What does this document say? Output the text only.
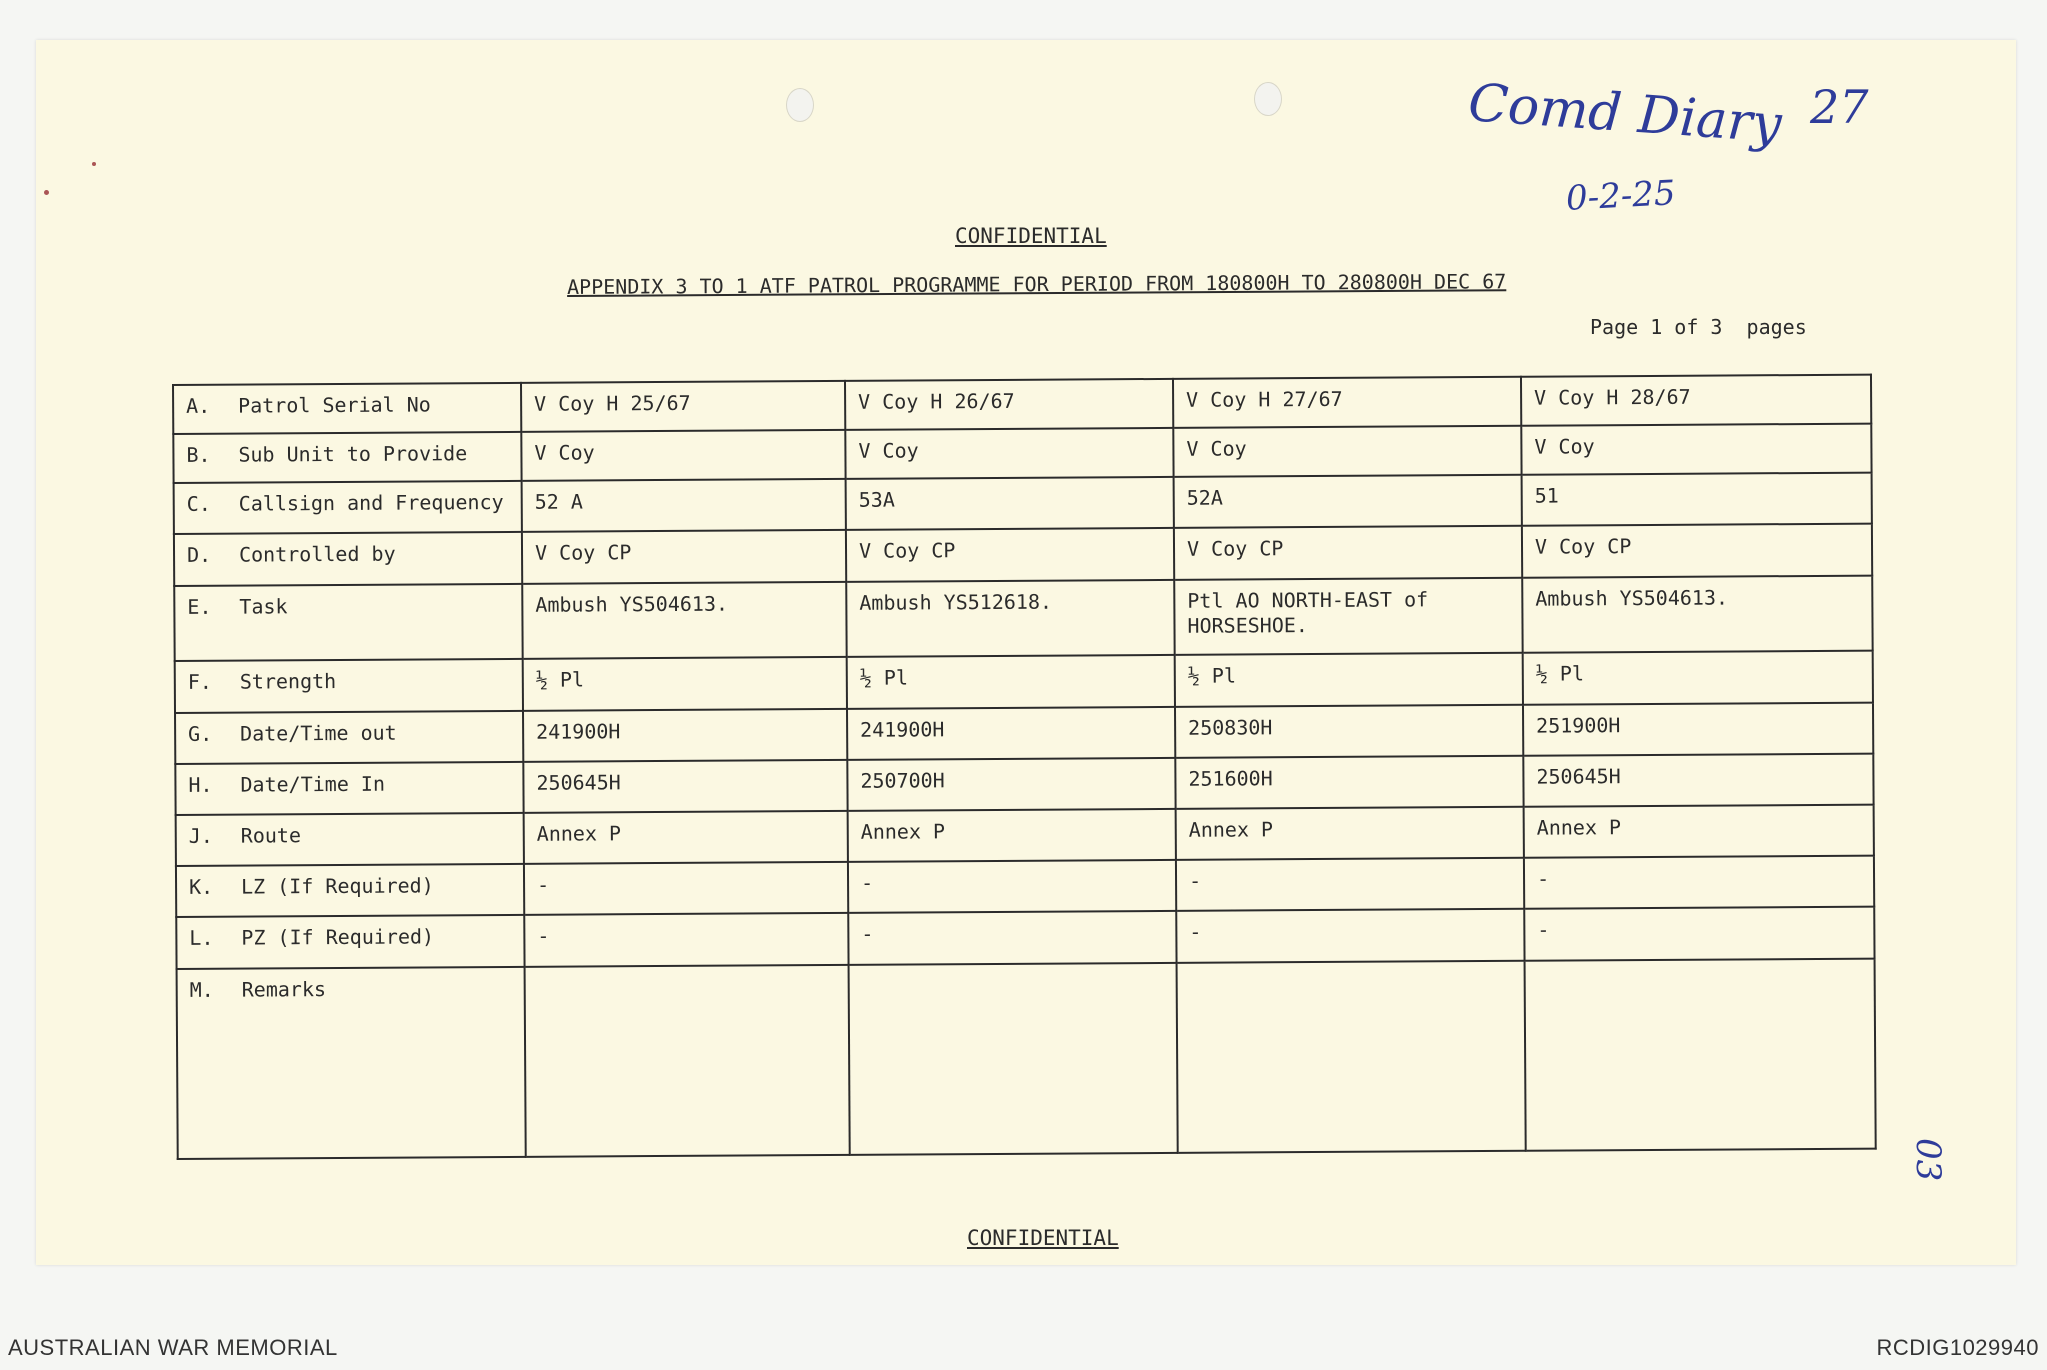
Comd Diary
0-2-25
27
03
CONFIDENTIAL
APPENDIX 3 TO 1 ATF PATROL PROGRAMME FOR PERIOD FROM 180800H TO 280800H DEC 67
Page 1 of 3  pages
A. Patrol Serial No	V Coy H 25/67	V Coy H 26/67	V Coy H 27/67	V Coy H 28/67
B. Sub Unit to Provide	V Coy	V Coy	V Coy	V Coy
C. Callsign and Frequency	52 A	53A	52A	51
D. Controlled by	V Coy CP	V Coy CP	V Coy CP	V Coy CP
E. Task	Ambush YS504613.	Ambush YS512618.	Ptl AO NORTH-EAST of HORSESHOE.	Ambush YS504613.
F. Strength	½ Pl	½ Pl	½ Pl	½ Pl
G. Date/Time out	241900H	241900H	250830H	251900H
H. Date/Time In	250645H	250700H	251600H	250645H
J. Route	Annex P	Annex P	Annex P	Annex P
K. LZ (If Required)	-	-	-	-
L. PZ (If Required)	-	-	-	-
M. Remarks				
CONFIDENTIAL
AUSTRALIAN WAR MEMORIAL	RCDIG1029940
